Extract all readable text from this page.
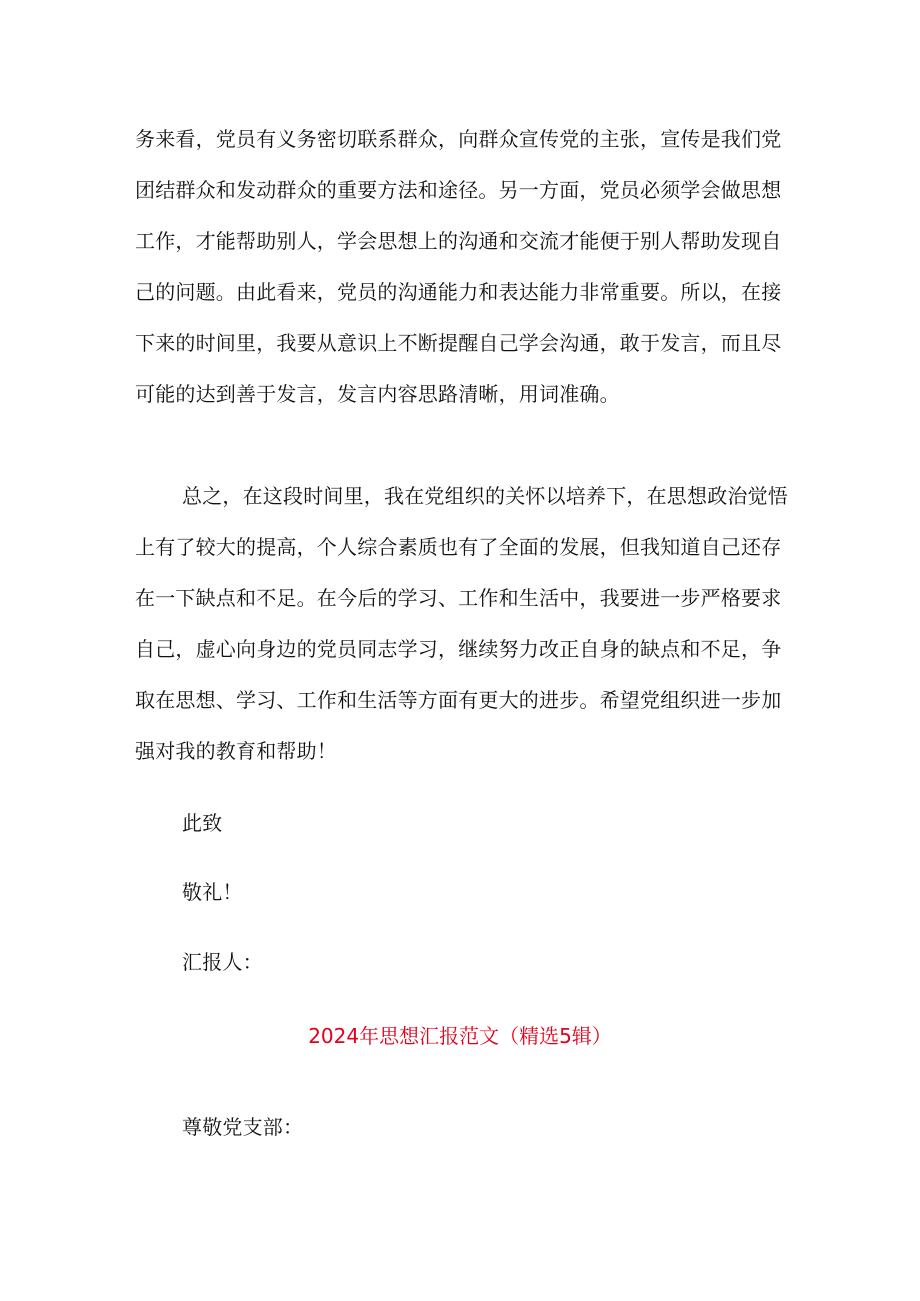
务来看，党员有义务密切联系群众，向群众宣传党的主张，宣传是我们党
团结群众和发动群众的重要方法和途径。另一方面，党员必须学会做思想
工作，才能帮助别人，学会思想上的沟通和交流才能便于别人帮助发现自
己的问题。由此看来，党员的沟通能力和表达能力非常重要。所以，在接
下来的时间里，我要从意识上不断提醒自己学会沟通，敢于发言，而且尽
可能的达到善于发言，发言内容思路清晰，用词准确。
总之，在这段时间里，我在党组织的关怀以培养下，在思想政治觉悟
上有了较大的提高，个人综合素质也有了全面的发展，但我知道自己还存
在一下缺点和不足。在今后的学习、工作和生活中，我要进一步严格要求
自己，虚心向身边的党员同志学习，继续努力改正自身的缺点和不足，争
取在思想、学习、工作和生活等方面有更大的进步。希望党组织进一步加
强对我的教育和帮助！
此致
敬礼！
汇报人：
2024年思想汇报范文（精选5辑）
尊敬党支部：
